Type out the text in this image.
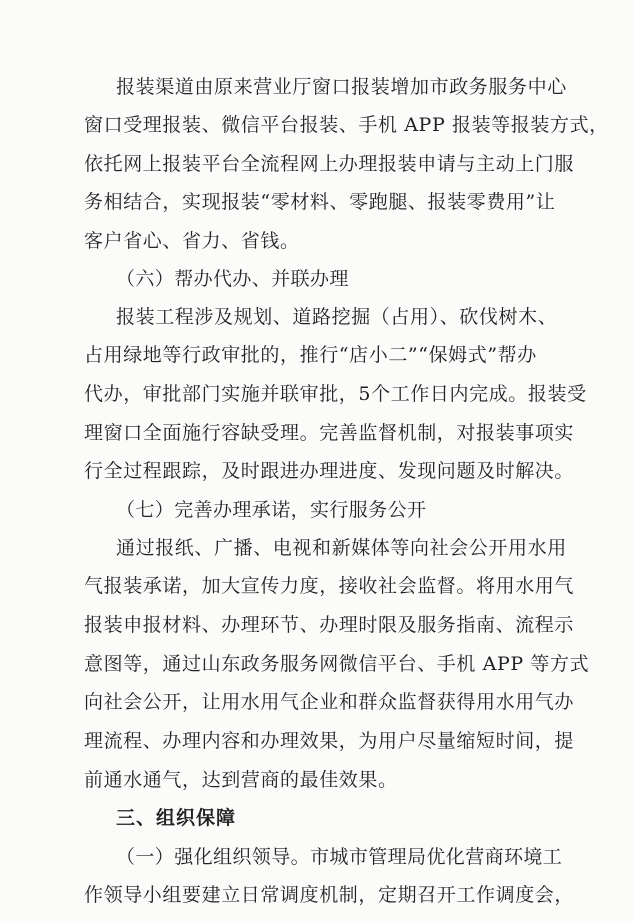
报装渠道由原来营业厅窗口报装增加市政务服务中心
窗口受理报装、微信平台报装、手机 APP 报装等报装方式，
依托网上报装平台全流程网上办理报装申请与主动上门服
务相结合，实现报装“零材料、零跑腿、报装零费用”让
客户省心、省力、省钱。
（六）帮办代办、并联办理
报装工程涉及规划、道路挖掘（占用）、砍伐树木、
占用绿地等行政审批的，推行“店小二”“保姆式”帮办
代办，审批部门实施并联审批，5个工作日内完成。报装受
理窗口全面施行容缺受理。完善监督机制，对报装事项实
行全过程跟踪，及时跟进办理进度、发现问题及时解决。
（七）完善办理承诺，实行服务公开
通过报纸、广播、电视和新媒体等向社会公开用水用
气报装承诺，加大宣传力度，接收社会监督。将用水用气
报装申报材料、办理环节、办理时限及服务指南、流程示
意图等，通过山东政务服务网微信平台、手机 APP 等方式
向社会公开，让用水用气企业和群众监督获得用水用气办
理流程、办理内容和办理效果，为用户尽量缩短时间，提
前通水通气，达到营商的最佳效果。
三、组织保障
（一）强化组织领导。市城市管理局优化营商环境工
作领导小组要建立日常调度机制，定期召开工作调度会，
